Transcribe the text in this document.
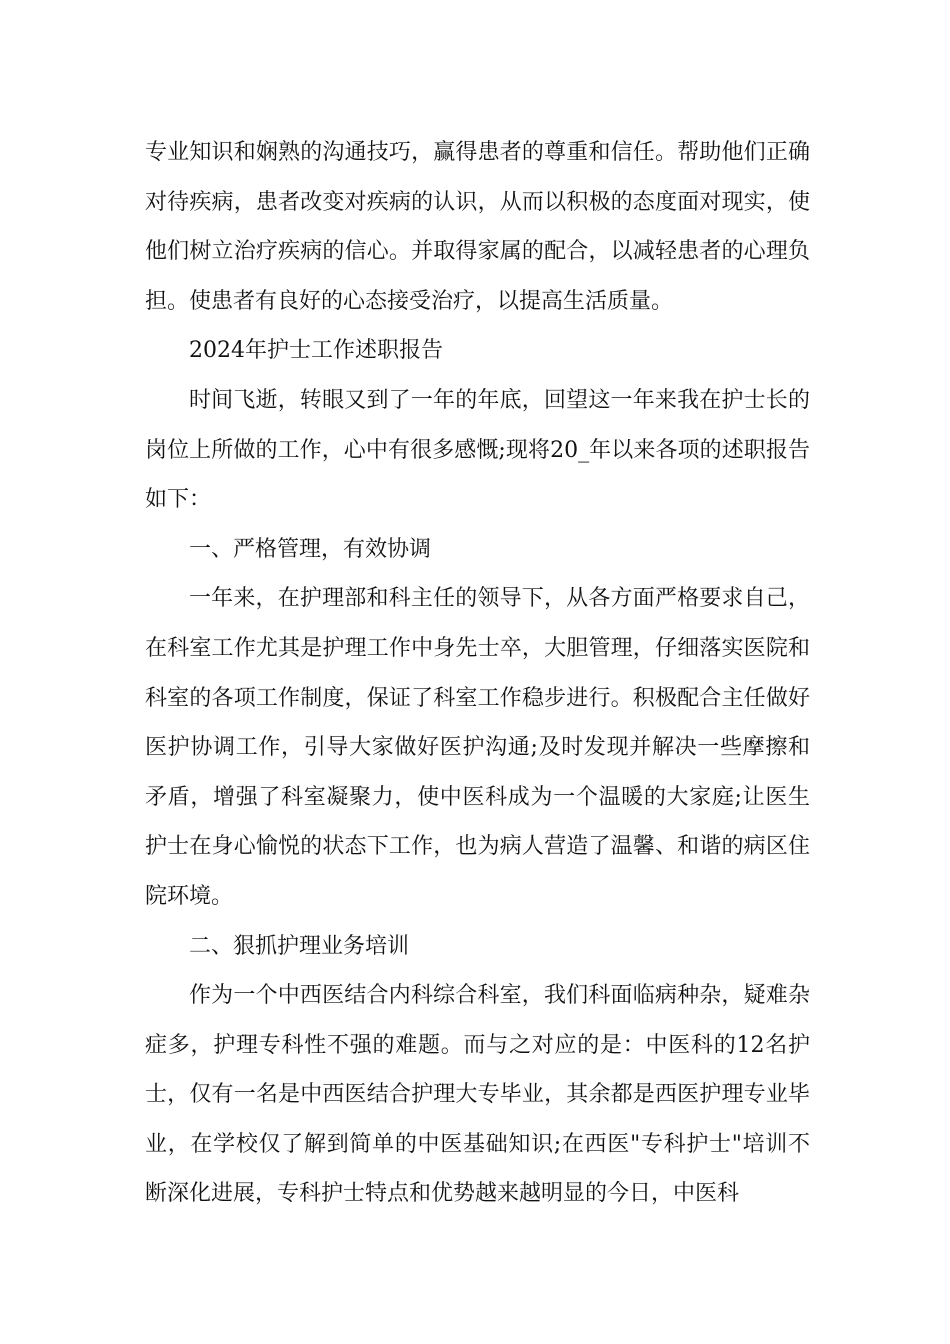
专业知识和娴熟的沟通技巧，赢得患者的尊重和信任。帮助他们正确对待疾病，患者改变对疾病的认识，从而以积极的态度面对现实，使他们树立治疗疾病的信心。并取得家属的配合，以减轻患者的心理负担。使患者有良好的心态接受治疗，以提高生活质量。

2024年护士工作述职报告

时间飞逝，转眼又到了一年的年底，回望这一年来我在护士长的岗位上所做的工作，心中有很多感慨;现将20_年以来各项的述职报告如下：

一、严格管理，有效协调

一年来，在护理部和科主任的领导下，从各方面严格要求自己，在科室工作尤其是护理工作中身先士卒，大胆管理，仔细落实医院和科室的各项工作制度，保证了科室工作稳步进行。积极配合主任做好医护协调工作，引导大家做好医护沟通;及时发现并解决一些摩擦和矛盾，增强了科室凝聚力，使中医科成为一个温暖的大家庭;让医生护士在身心愉悦的状态下工作，也为病人营造了温馨、和谐的病区住院环境。

二、狠抓护理业务培训

作为一个中西医结合内科综合科室，我们科面临病种杂，疑难杂症多，护理专科性不强的难题。而与之对应的是：中医科的12名护士，仅有一名是中西医结合护理大专毕业，其余都是西医护理专业毕业，在学校仅了解到简单的中医基础知识;在西医"专科护士"培训不断深化进展，专科护士特点和优势越来越明显的今日，中医科
